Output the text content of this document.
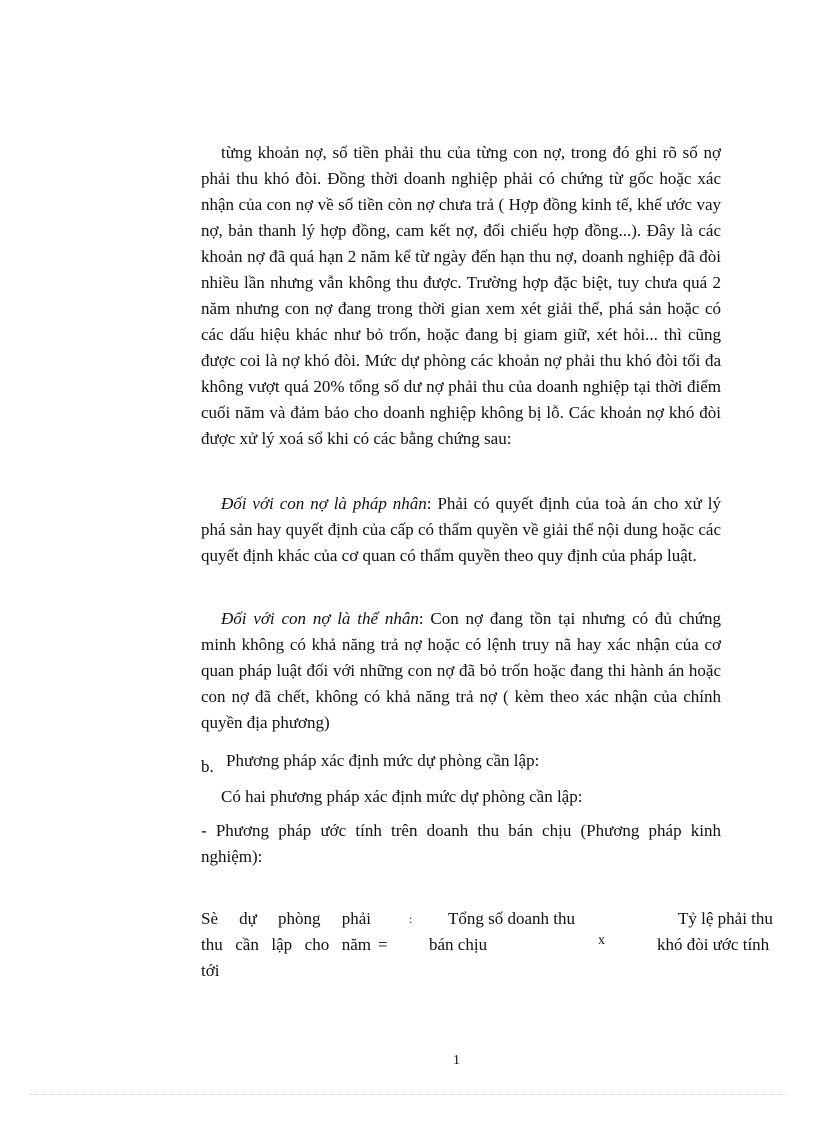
từng khoản nợ, số tiền phải thu của từng con nợ, trong đó ghi rõ số nợ phải thu khó đòi. Đồng thời doanh nghiệp phải có chứng từ gốc hoặc xác nhận của con nợ về số tiền còn nợ chưa trả ( Hợp đồng kinh tế, khế ước vay nợ, bản thanh lý hợp đồng, cam kết nợ, đối chiếu hợp đồng...). Đây là các khoản nợ đã quá hạn 2 năm kể từ ngày đến hạn thu nợ, doanh nghiệp đã đòi nhiều lần nhưng vẫn không thu được. Trường hợp đặc biệt, tuy chưa quá 2 năm nhưng con nợ đang trong thời gian xem xét giải thể, phá sản hoặc có các dấu hiệu khác như bỏ trốn, hoặc đang bị giam giữ, xét hỏi... thì cũng được coi là nợ khó đòi. Mức dự phòng các khoản nợ phải thu khó đòi tối đa không vượt quá 20% tổng số dư nợ phải thu của doanh nghiệp tại thời điểm cuối năm và đảm bảo cho doanh nghiệp không bị lỗ. Các khoản nợ khó đòi được xử lý xoá sổ khi có các bằng chứng sau:

Đối với con nợ là pháp nhân: Phải có quyết định của toà án cho xử lý phá sản hay quyết định của cấp có thẩm quyền về giải thể nội dung hoặc các quyết định khác của cơ quan có thẩm quyền theo quy định của pháp luật.

Đối với con nợ là thể nhân: Con nợ đang tồn tại nhưng có đủ chứng minh không có khả năng trả nợ hoặc có lệnh truy nã hay xác nhận của cơ quan pháp luật đối với những con nợ đã bỏ trốn hoặc đang thi hành án hoặc con nợ đã chết, không có khả năng trả nợ ( kèm theo xác nhận của chính quyền địa phương)

b. Phương pháp xác định mức dự phòng cần lập:
Có hai phương pháp xác định mức dự phòng cần lập:
- Phương pháp ước tính trên doanh thu bán chịu (Phương pháp kinh nghiệm):
Sè dự phòng phải
thu cần lập cho năm
tới
=
: Tổng số doanh thu
bán chịu	x
Tỷ lệ phải thu
khó đòi ước tính
1
